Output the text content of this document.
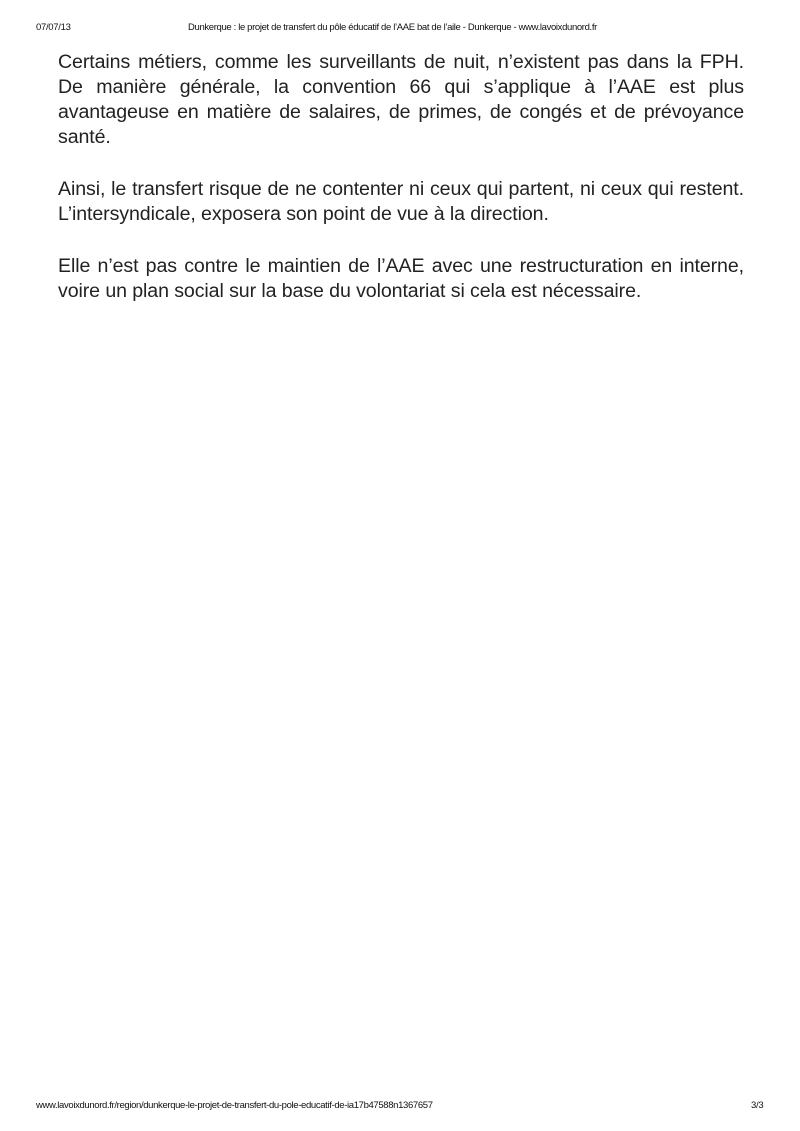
07/07/13	Dunkerque : le projet de transfert du pôle éducatif de l’AAE bat de l’aile - Dunkerque - www.lavoixdunord.fr

Certains métiers, comme les surveillants de nuit, n’existent pas dans la FPH. De manière générale, la convention 66 qui s’applique à l’AAE est plus avantageuse en matière de salaires, de primes, de congés et de prévoyance santé.

Ainsi, le transfert risque de ne contenter ni ceux qui partent, ni ceux qui restent. L’intersyndicale, exposera son point de vue à la direction.

Elle n’est pas contre le maintien de l’AAE avec une restructuration en interne, voire un plan social sur la base du volontariat si cela est nécessaire.

www.lavoixdunord.fr/region/dunkerque-le-projet-de-transfert-du-pole-educatif-de-ia17b47588n1367657	3/3
